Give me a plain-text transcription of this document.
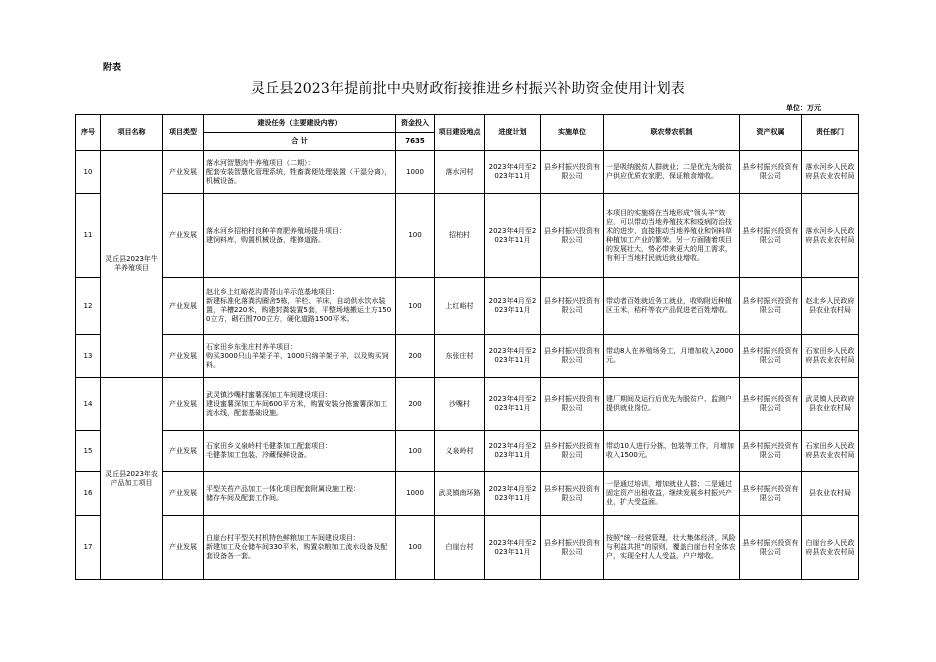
附表
灵丘县2023年提前批中央财政衔接推进乡村振兴补助资金使用计划表
单位：万元
序号	项目名称	项目类型	建设任务（主要建设内容）	资金投入	项目建设地点	进度计划	实施单位	联农带农机制	资产权属	责任部门
			合 计	7635						
10	灵丘县2023年牛羊养殖项目	产业发展	落水河智慧肉牛养殖项目（二期）：
配套安装智慧化管理系统，牲畜粪便处理装置（干湿分离），机械设备。	1000	落水河村	2023年4月至2023年11月	县乡村振兴投资有限公司	一是吸纳脱贫人群就业；二是优先为脱贫户供应优质农家肥，保证粮食增收。	县乡村振兴投资有限公司	落水河乡人民政府县农业农村局
11		产业发展	落水河乡招柏村良种羊育肥养殖场提升项目：
建饲料库，购置机械设备，维修道路。	100	招柏村	2023年4月至2023年11月	县乡村振兴投资有限公司	本项目的实施将在当地形成“领头羊”效应，可以带动当地养殖技术和疫病防治技术的进步，直接推动当地养殖业和饲料草种植加工产业的繁荣。另一方面随着项目的发展壮大，势必带来更大的用工需求，有利于当地村民就近就业增收。	县乡村振兴投资有限公司	落水河乡人民政府县农业农村局
12		产业发展	赵北乡上红峪花沟青背山羊示范基地项目：
新建标准化落粪沟圈舍5栋，羊栏、羊床，自动供水饮水装置，羊槽220米，购建封粪装置5套，平整场地搬运土方1500立方，砌石围700立方，硬化道路1500平米。	100	上红峪村	2023年4月至2023年11月	县乡村振兴投资有限公司	带动者百姓就近务工就业，收购附近种植区玉米，秸秆等农产品促进老百姓增收。	县乡村振兴投资有限公司	赵北乡人民政府县农业农村局
13		产业发展	石家田乡东张庄村养羊项目：
购买3000只山羊架子羊、1000只绵羊架子羊，以及购买饲料。	200	东张庄村	2023年4月至2023年11月	县乡村振兴投资有限公司	带动8人在养殖场务工，月增加收入2000元。	县乡村振兴投资有限公司	石家田乡人民政府县农业农村局
14	灵丘县2023年农产品加工项目	产业发展	武灵镇沙嘴村蜜薯深加工车间建设项目：
建设蜜薯深加工车间600平方米，购置安装分拣蜜薯深加工流水线，配套基础设施。	200	沙嘴村	2023年4月至2023年11月	县乡村振兴投资有限公司	建厂期间及运行后优先为脱贫户、监测户提供就业岗位。	县乡村振兴投资有限公司	武灵镇人民政府县农业农村局
15		产业发展	石家田乡义泉岭村毛健茶加工配套项目：
毛健茶加工包装、冷藏保鲜设备。	100	义泉岭村	2023年4月至2023年11月	县乡村振兴投资有限公司	带动10人进行分拣、包装等工作，月增加收入1500元。	县乡村振兴投资有限公司	石家田乡人民政府县农业农村局
16		产业发展	平型关苔产品加工一体化项目配套附属设施工程：
储存车间及配套工作间。	1000	武灵镇南环路	2023年4月至2023年11月	县乡村振兴投资有限公司	一是通过培训，增加就业人群；二是通过固定资产出租收益，继续发展乡村振兴产业，扩大受益面。	县乡村振兴投资有限公司	县农业农村局
17		产业发展	白崖台村平型关村机特色鲜粮加工车间建设项目：
新建加工及仓储车间330平米，购置杂粮加工流水设备及配套设备各一套。	100	白崖台村	2023年4月至2023年11月	县乡村振兴投资有限公司	按照“统一经营管理，壮大集体经济，风险与利益共担”的原则，覆盖白崖台村全体农户，实现全村人人受益，户户增收。	县乡村振兴投资有限公司	白崖台乡人民政府县农业农村局
